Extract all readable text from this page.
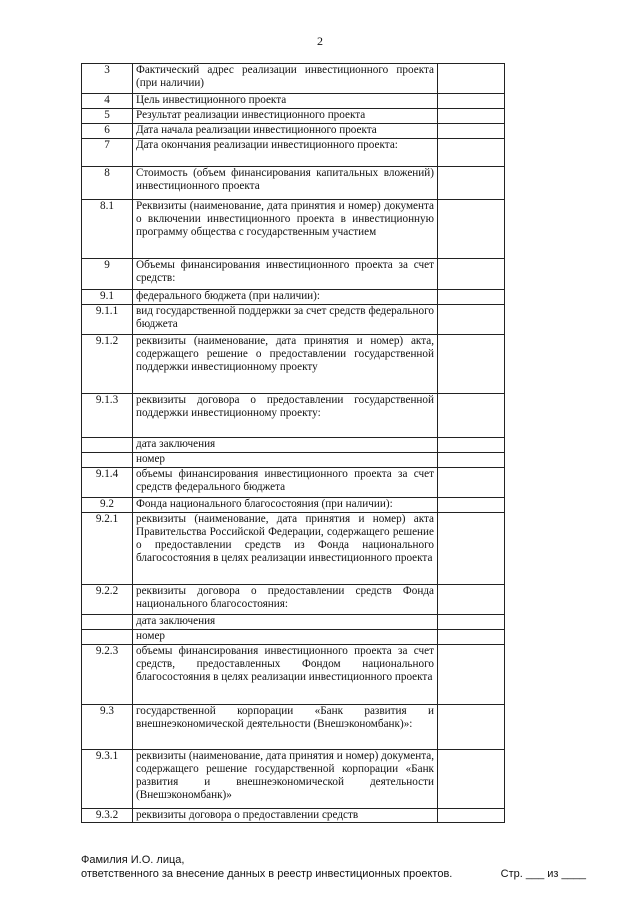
2
3	Фактический адрес реализации инвестиционного проекта (при наличии)	
4	Цель инвестиционного проекта	
5	Результат реализации инвестиционного проекта	
6	Дата начала реализации инвестиционного проекта	
7	Дата окончания реализации инвестиционного проекта:	
8	Стоимость (объем финансирования капитальных вложений) инвестиционного проекта	
8.1	Реквизиты (наименование, дата принятия и номер) документа о включении инвестиционного проекта в инвестиционную программу общества с государственным участием	
9	Объемы финансирования инвестиционного проекта за счет средств:	
9.1	федерального бюджета (при наличии):	
9.1.1	вид государственной поддержки за счет средств федерального бюджета	
9.1.2	реквизиты (наименование, дата принятия и номер) акта, содержащего решение о предоставлении государственной поддержки инвестиционному проекту	
9.1.3	реквизиты договора о предоставлении государственной поддержки инвестиционному проекту:	
	дата заключения	
	номер	
9.1.4	объемы финансирования инвестиционного проекта за счет средств федерального бюджета	
9.2	Фонда национального благосостояния (при наличии):	
9.2.1	реквизиты (наименование, дата принятия и номер) акта Правительства Российской Федерации, содержащего решение о предоставлении средств из Фонда национального благосостояния в целях реализации инвестиционного проекта	
9.2.2	реквизиты договора о предоставлении средств Фонда национального благосостояния:	
	дата заключения	
	номер	
9.2.3	объемы финансирования инвестиционного проекта за счет средств, предоставленных Фондом национального благосостояния в целях реализации инвестиционного проекта	
9.3	государственной корпорации «Банк развития и внешнеэкономической деятельности (Внешэкономбанк)»:	
9.3.1	реквизиты (наименование, дата принятия и номер) документа, содержащего решение государственной корпорации «Банк развития и внешнеэкономической деятельности (Внешэкономбанк)»	
9.3.2	реквизиты договора о предоставлении средств	
Фамилия И.О. лица,
ответственного за внесение данных в реестр инвестиционных проектов.	Стр. ___ из ____
